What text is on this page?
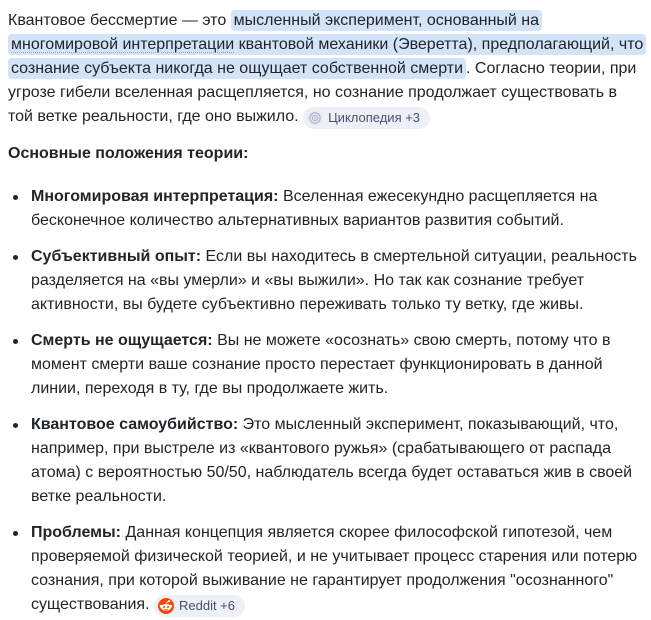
Квантовое бессмертие — это мысленный эксперимент, основанный на многомировой интерпретации квантовой механики (Эверетта), предполагающий, что сознание субъекта никогда не ощущает собственной смерти . Согласно теории, при угрозе гибели вселенная расщепляется, но сознание продолжает существовать в той ветке реальности, где оно выжило. Циклопедия +3

Основные положения теории:

Многомировая интерпретация: Вселенная ежесекундно расщепляется на бесконечное количество альтернативных вариантов развития событий.
Субъективный опыт: Если вы находитесь в смертельной ситуации, реальность разделяется на «вы умерли» и «вы выжили». Но так как сознание требует активности, вы будете субъективно переживать только ту ветку, где живы.
Смерть не ощущается: Вы не можете «осознать» свою смерть, потому что в момент смерти ваше сознание просто перестает функционировать в данной линии, переходя в ту, где вы продолжаете жить.
Квантовое самоубийство: Это мысленный эксперимент, показывающий, что, например, при выстреле из «квантового ружья» (срабатывающего от распада атома) с вероятностью 50/50, наблюдатель всегда будет оставаться жив в своей ветке реальности.
Проблемы: Данная концепция является скорее философской гипотезой, чем проверяемой физической теорией, и не учитывает процесс старения или потерю сознания, при которой выживание не гарантирует продолжения "осознанного" существования. Reddit +6
